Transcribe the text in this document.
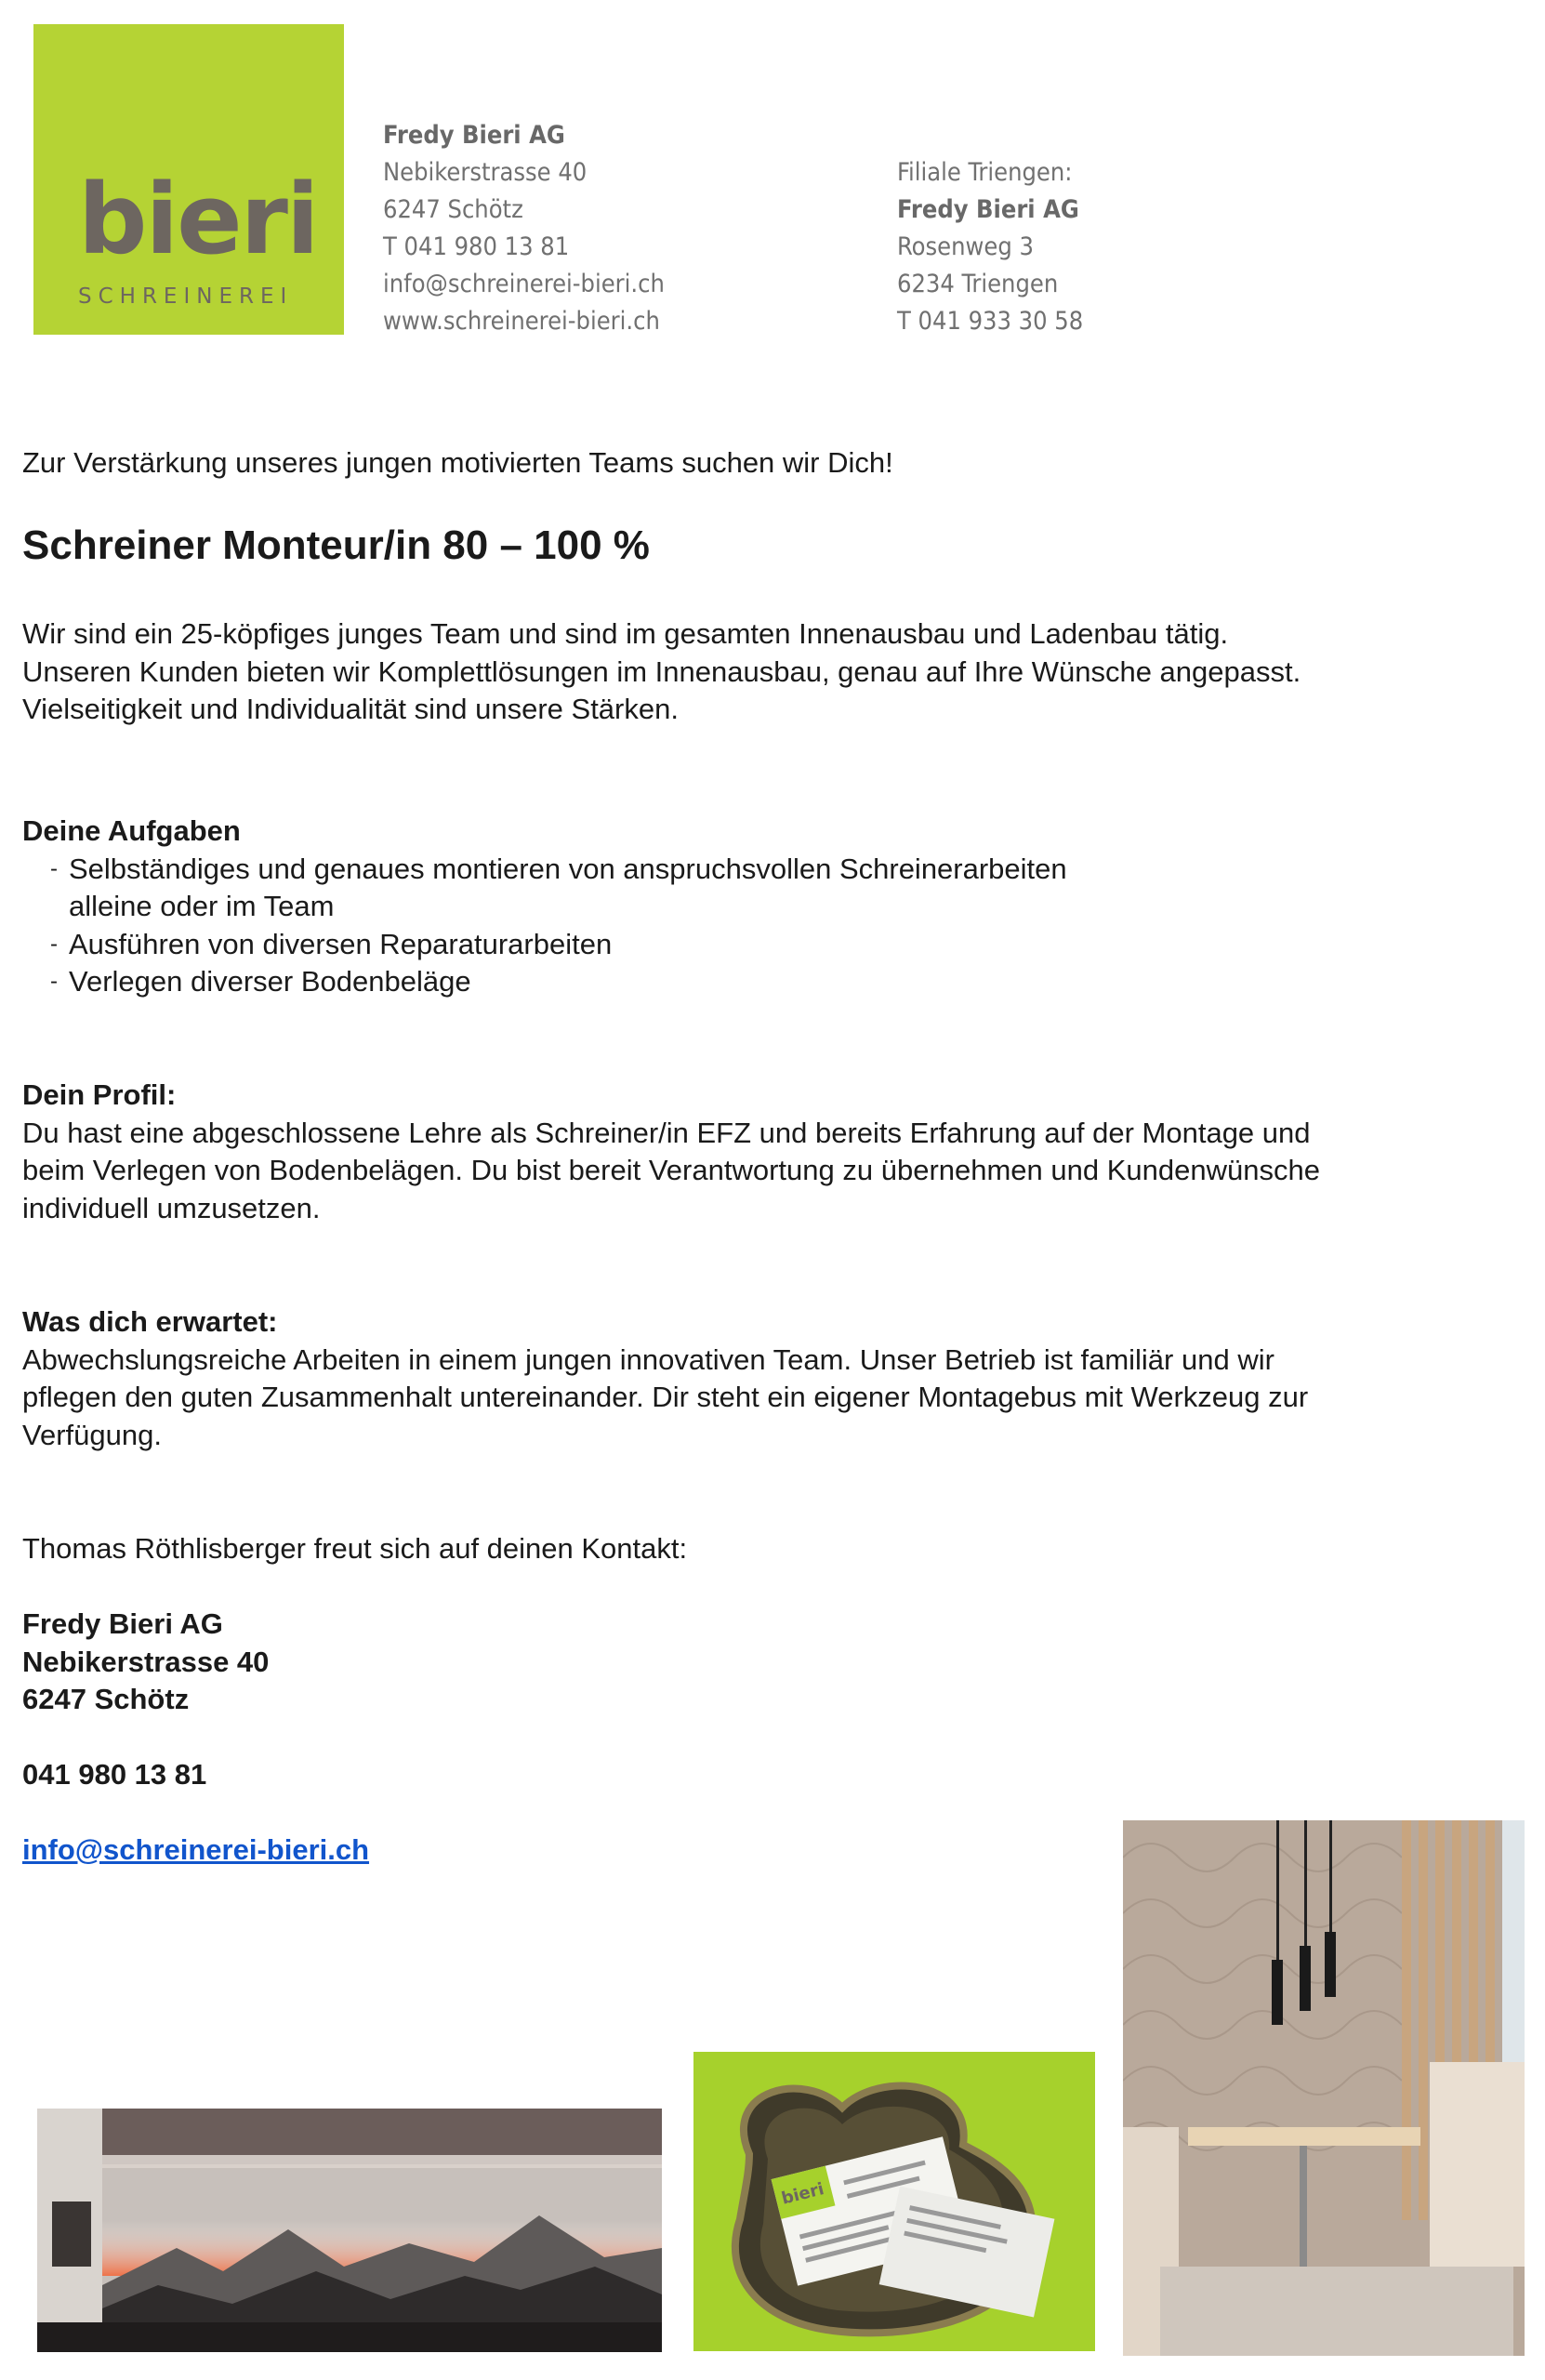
bieri
SCHREINEREI
Fredy Bieri AG
Nebikerstrasse 40
6247 Schötz
T 041 980 13 81
info@schreinerei-bieri.ch
www.schreinerei-bieri.ch
Filiale Triengen:
Fredy Bieri AG
Rosenweg 3
6234 Triengen
T 041 933 30 58
Zur Verstärkung unseres jungen motivierten Teams suchen wir Dich!
Schreiner Monteur/in 80 – 100 %
Wir sind ein 25-köpfiges junges Team und sind im gesamten Innenausbau und Ladenbau tätig.
Unseren Kunden bieten wir Komplettlösungen im Innenausbau, genau auf Ihre Wünsche angepasst.
Vielseitigkeit und Individualität sind unsere Stärken.
Deine Aufgaben
- Selbständiges und genaues montieren von anspruchsvollen Schreinerarbeiten
alleine oder im Team
- Ausführen von diversen Reparaturarbeiten
- Verlegen diverser Bodenbeläge
Dein Profil:
Du hast eine abgeschlossene Lehre als Schreiner/in EFZ und bereits Erfahrung auf der Montage und
beim Verlegen von Bodenbelägen. Du bist bereit Verantwortung zu übernehmen und Kundenwünsche
individuell umzusetzen.
Was dich erwartet:
Abwechslungsreiche Arbeiten in einem jungen innovativen Team. Unser Betrieb ist familiär und wir
pflegen den guten Zusammenhalt untereinander. Dir steht ein eigener Montagebus mit Werkzeug zur
Verfügung.
Thomas Röthlisberger freut sich auf deinen Kontakt:
Fredy Bieri AG
Nebikerstrasse 40
6247 Schötz
041 980 13 81
info@schreinerei-bieri.ch
bieri
